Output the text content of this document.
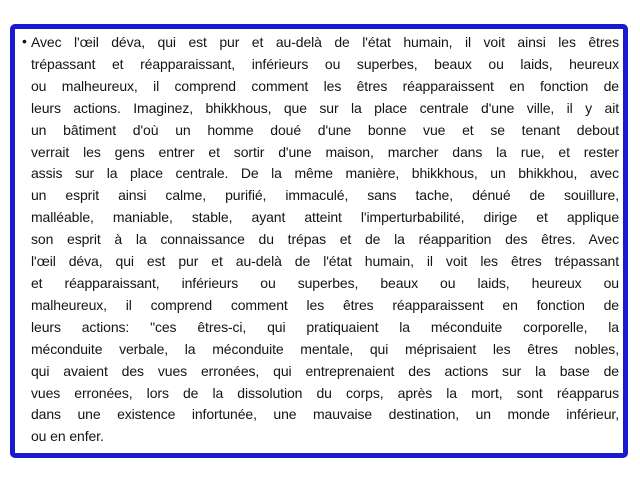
• Avec l'œil déva, qui est pur et au-delà de l'état humain, il voit ainsi les êtres
trépassant et réapparaissant, inférieurs ou superbes, beaux ou laids, heureux
ou malheureux, il comprend comment les êtres réapparaissent en fonction de
leurs actions. Imaginez, bhikkhous, que sur la place centrale d'une ville, il y ait
un bâtiment d'où un homme doué d'une bonne vue et se tenant debout
verrait les gens entrer et sortir d'une maison, marcher dans la rue, et rester
assis sur la place centrale. De la même manière, bhikkhous, un bhikkhou, avec
un esprit ainsi calme, purifié, immaculé, sans tache, dénué de souillure,
malléable, maniable, stable, ayant atteint l'imperturbabilité, dirige et applique
son esprit à la connaissance du trépas et de la réapparition des êtres. Avec
l'œil déva, qui est pur et au-delà de l'état humain, il voit les êtres trépassant
et réapparaissant, inférieurs ou superbes, beaux ou laids, heureux ou
malheureux, il comprend comment les êtres réapparaissent en fonction de
leurs actions: "ces êtres-ci, qui pratiquaient la méconduite corporelle, la
méconduite verbale, la méconduite mentale, qui méprisaient les êtres nobles,
qui avaient des vues erronées, qui entreprenaient des actions sur la base de
vues erronées, lors de la dissolution du corps, après la mort, sont réapparus
dans une existence infortunée, une mauvaise destination, un monde inférieur,
ou en enfer.
